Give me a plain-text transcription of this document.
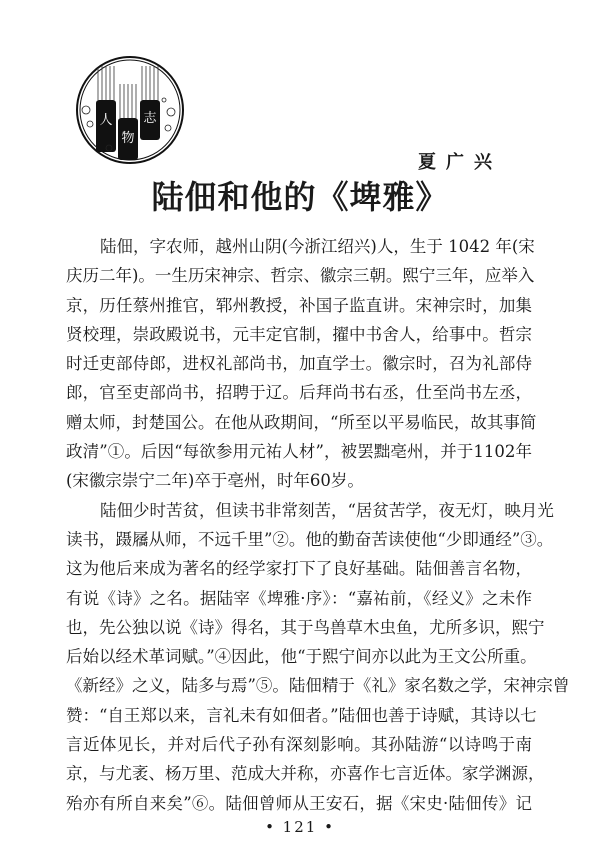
人
物
志
夏广兴
陆佃和他的《埤雅》
陆佃，字农师，越州山阴(今浙江绍兴)人，生于 1042 年(宋
庆历二年)。一生历宋神宗、哲宗、徽宗三朝。熙宁三年，应举入
京，历任蔡州推官，郓州教授，补国子监直讲。宋神宗时，加集
贤校理，崇政殿说书，元丰定官制，擢中书舍人，给事中。哲宗
时迁吏部侍郎，进权礼部尚书，加直学士。徽宗时，召为礼部侍
郎，官至吏部尚书，招聘于辽。后拜尚书右丞，仕至尚书左丞，
赠太师，封楚国公。在他从政期间，“所至以平易临民，故其事简
政清”①。后因“每欲参用元祐人材”，被罢黜亳州，并于1102年
(宋徽宗崇宁二年)卒于亳州，时年60岁。
陆佃少时苦贫，但读书非常刻苦，“居贫苦学，夜无灯，映月光
读书，蹑屩从师，不远千里”②。他的勤奋苦读使他“少即通经”③。
这为他后来成为著名的经学家打下了良好基础。陆佃善言名物，
有说《诗》之名。据陆宰《埤雅·序》：“嘉祐前，《经义》之未作
也，先公独以说《诗》得名，其于鸟兽草木虫鱼，尤所多识，熙宁
后始以经术革词赋。”④因此，他“于熙宁间亦以此为王文公所重。
《新经》之义，陆多与焉”⑤。陆佃精于《礼》家名数之学，宋神宗曾
赞：“自王郑以来，言礼未有如佃者。”陆佃也善于诗赋，其诗以七
言近体见长，并对后代子孙有深刻影响。其孙陆游“以诗鸣于南
京，与尤袤、杨万里、范成大并称，亦喜作七言近体。家学渊源，
殆亦有所自来矣”⑥。陆佃曾师从王安石，据《宋史·陆佃传》记
• 121 •
